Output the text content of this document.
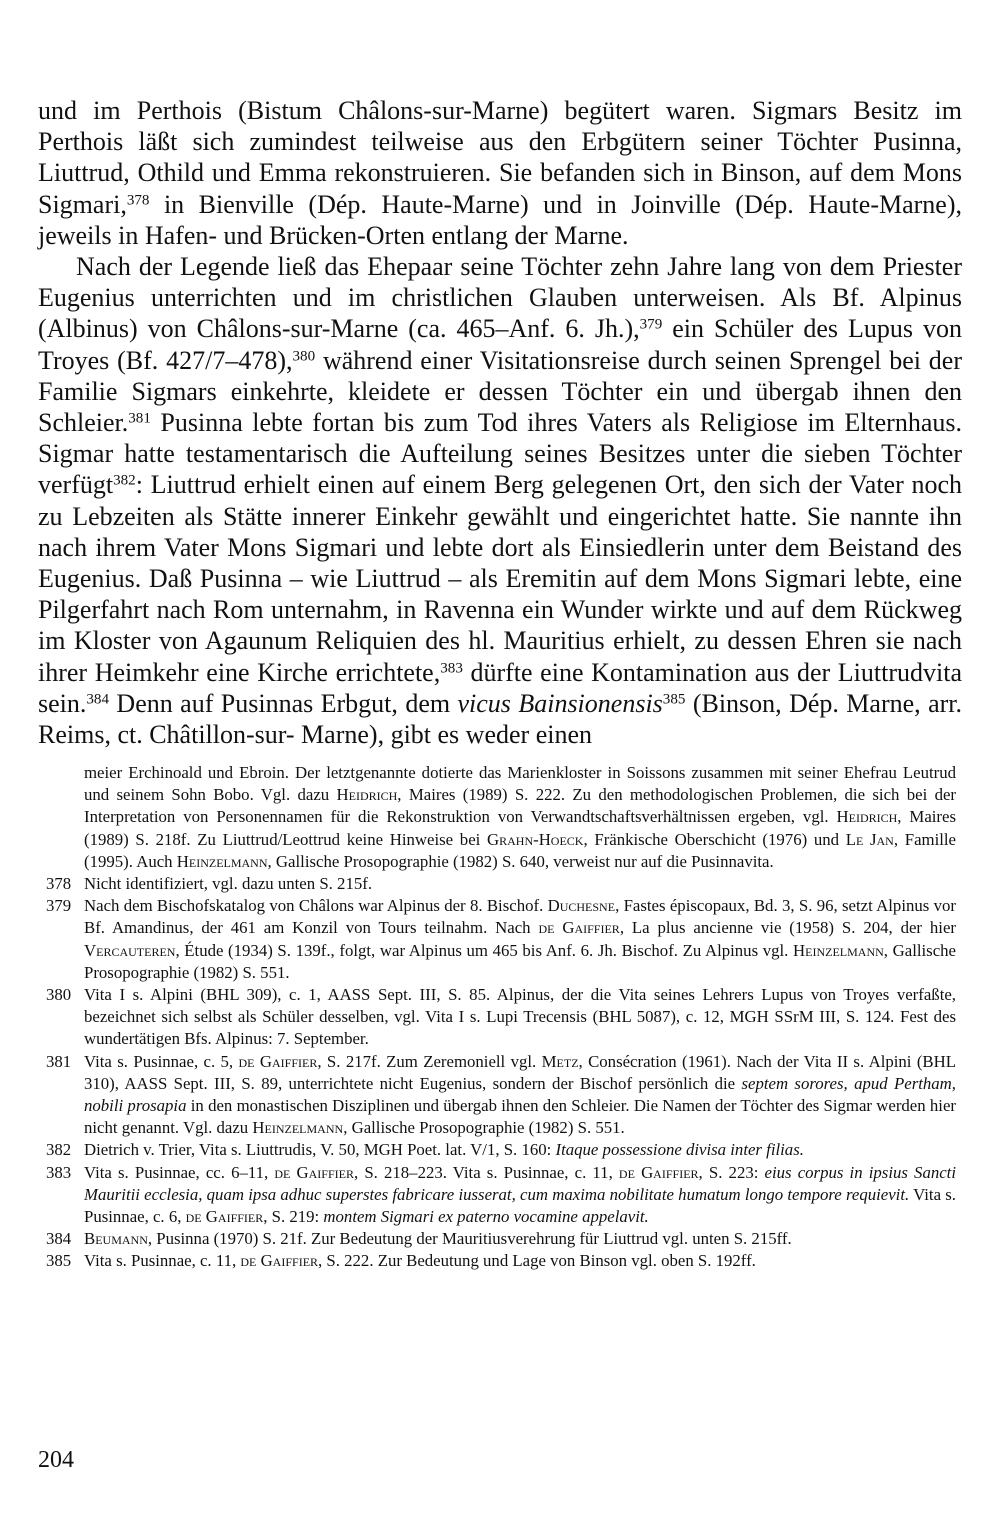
und im Perthois (Bistum Châlons-sur-Marne) begütert waren. Sigmars Besitz im Perthois läßt sich zumindest teilweise aus den Erbgütern seiner Töchter Pusinna, Liuttrud, Othild und Emma rekonstruieren. Sie befanden sich in Binson, auf dem Mons Sigmari,$^{378}$ in Bienville (Dép. Haute-Marne) und in Joinville (Dép. Haute-Marne), jeweils in Hafen- und Brücken-Orten entlang der Marne.

Nach der Legende ließ das Ehepaar seine Töchter zehn Jahre lang von dem Priester Eugenius unterrichten und im christlichen Glauben unterweisen. Als Bf. Alpinus (Albinus) von Châlons-sur-Marne (ca. 465–Anf. 6. Jh.),$^{379}$ ein Schüler des Lupus von Troyes (Bf. 427/7–478),$^{380}$ während einer Visitationsreise durch seinen Sprengel bei der Familie Sigmars einkehrte, kleidete er dessen Töchter ein und übergab ihnen den Schleier.$^{381}$ Pusinna lebte fortan bis zum Tod ihres Vaters als Religiose im Elternhaus. Sigmar hatte testamentarisch die Aufteilung seines Besitzes unter die sieben Töchter verfügt$^{382}$: Liuttrud erhielt einen auf einem Berg gelegenen Ort, den sich der Vater noch zu Lebzeiten als Stätte innerer Einkehr gewählt und eingerichtet hatte. Sie nannte ihn nach ihrem Vater Mons Sigmari und lebte dort als Einsiedlerin unter dem Beistand des Eugenius. Daß Pusinna – wie Liuttrud – als Eremitin auf dem Mons Sigmari lebte, eine Pilgerfahrt nach Rom unternahm, in Ravenna ein Wunder wirkte und auf dem Rückweg im Kloster von Agaunum Reliquien des hl. Mauritius erhielt, zu dessen Ehren sie nach ihrer Heimkehr eine Kirche errichtete,$^{383}$ dürfte eine Kontamination aus der Liuttrudvita sein.$^{384}$ Denn auf Pusinnas Erbgut, dem vicus Bainsionensis$^{385}$ (Binson, Dép. Marne, arr. Reims, ct. Châtillon-sur- Marne), gibt es weder einen

meier Erchinoald und Ebroin. Der letztgenannte dotierte das Marienkloster in Soissons zusammen mit seiner Ehefrau Leutrud und seinem Sohn Bobo. Vgl. dazu Heidrich, Maires (1989) S. 222. Zu den methodologischen Problemen, die sich bei der Interpretation von Personennamen für die Rekonstruktion von Verwandtschaftsverhältnissen ergeben, vgl. Heidrich, Maires (1989) S. 218f. Zu Liuttrud/Leottrud keine Hinweise bei Grahn-Hoeck, Fränkische Oberschicht (1976) und Le Jan, Famille (1995). Auch Heinzelmann, Gallische Prosopographie (1982) S. 640, verweist nur auf die Pusinnavita.

378 Nicht identifiziert, vgl. dazu unten S. 215f.
379 Nach dem Bischofskatalog von Châlons war Alpinus der 8. Bischof. Duchesne, Fastes épiscopaux, Bd. 3, S. 96, setzt Alpinus vor Bf. Amandinus, der 461 am Konzil von Tours teilnahm. Nach de Gaiffier, La plus ancienne vie (1958) S. 204, der hier Vercauteren, Étude (1934) S. 139f., folgt, war Alpinus um 465 bis Anf. 6. Jh. Bischof. Zu Alpinus vgl. Heinzelmann, Gallische Prosopographie (1982) S. 551.
380 Vita I s. Alpini (BHL 309), c. 1, AASS Sept. III, S. 85. Alpinus, der die Vita seines Lehrers Lupus von Troyes verfaßte, bezeichnet sich selbst als Schüler desselben, vgl. Vita I s. Lupi Trecensis (BHL 5087), c. 12, MGH SSrM III, S. 124. Fest des wundertätigen Bfs. Alpinus: 7. September.
381 Vita s. Pusinnae, c. 5, de Gaiffier, S. 217f. Zum Zeremoniell vgl. Metz, Consécration (1961). Nach der Vita II s. Alpini (BHL 310), AASS Sept. III, S. 89, unterrichtete nicht Eugenius, sondern der Bischof persönlich die septem sorores, apud Pertham, nobili prosapia in den monastischen Disziplinen und übergab ihnen den Schleier. Die Namen der Töchter des Sigmar werden hier nicht genannt. Vgl. dazu Heinzelmann, Gallische Prosopographie (1982) S. 551.
382 Dietrich v. Trier, Vita s. Liuttrudis, V. 50, MGH Poet. lat. V/1, S. 160: Itaque possessione divisa inter filias.
383 Vita s. Pusinnae, cc. 6–11, de Gaiffier, S. 218–223. Vita s. Pusinnae, c. 11, de Gaiffier, S. 223: eius corpus in ipsius Sancti Mauritii ecclesia, quam ipsa adhuc superstes fabricare iusserat, cum maxima nobilitate humatum longo tempore requievit. Vita s. Pusinnae, c. 6, de Gaiffier, S. 219: montem Sigmari ex paterno vocamine appelavit.
384 Beumann, Pusinna (1970) S. 21f. Zur Bedeutung der Mauritiusverehrung für Liuttrud vgl. unten S. 215ff.
385 Vita s. Pusinnae, c. 11, de Gaiffier, S. 222. Zur Bedeutung und Lage von Binson vgl. oben S. 192ff.
204
